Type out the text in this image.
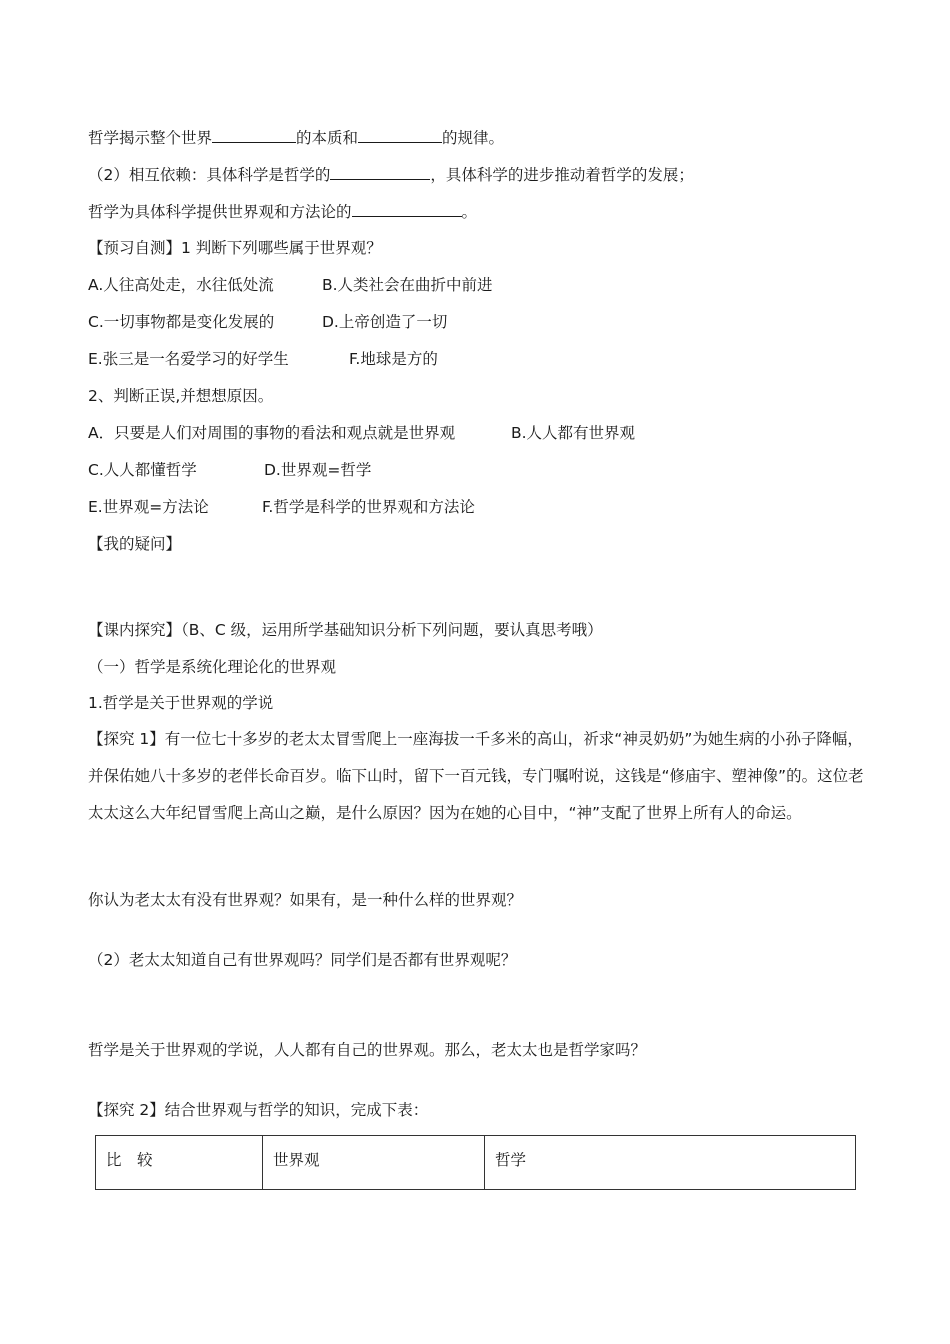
哲学揭示整个世界	的本质和	的规律。
（2）相互依赖：具体科学是哲学的	，具体科学的进步推动着哲学的发展；
哲学为具体科学提供世界观和方法论的	。
【预习自测】1 判断下列哪些属于世界观？
A.人往高处走，水往低处流	B.人类社会在曲折中前进
C.一切事物都是变化发展的	D.上帝创造了一切
E.张三是一名爱学习的好学生	F.地球是方的
2、判断正误,并想想原因。
A．只要是人们对周围的事物的看法和观点就是世界观	B.人人都有世界观
C.人人都懂哲学	D.世界观=哲学
E.世界观=方法论	F.哲学是科学的世界观和方法论
【我的疑问】
【课内探究】（B、C 级，运用所学基础知识分析下列问题，要认真思考哦）
（一）哲学是系统化理论化的世界观
1.哲学是关于世界观的学说
【探究 1】有一位七十多岁的老太太冒雪爬上一座海拔一千多米的高山，祈求“神灵奶奶”为她生病的小孙子降幅，并保佑她八十多岁的老伴长命百岁。临下山时，留下一百元钱，专门嘱咐说，这钱是“修庙宇、塑神像”的。这位老太太这么大年纪冒雪爬上高山之巅，是什么原因？因为在她的心目中，“神”支配了世界上所有人的命运。
你认为老太太有没有世界观？如果有，是一种什么样的世界观？
（2）老太太知道自己有世界观吗？同学们是否都有世界观呢？
哲学是关于世界观的学说，人人都有自己的世界观。那么，老太太也是哲学家吗？
【探究 2】结合世界观与哲学的知识，完成下表：
比　较	世界观	哲学
